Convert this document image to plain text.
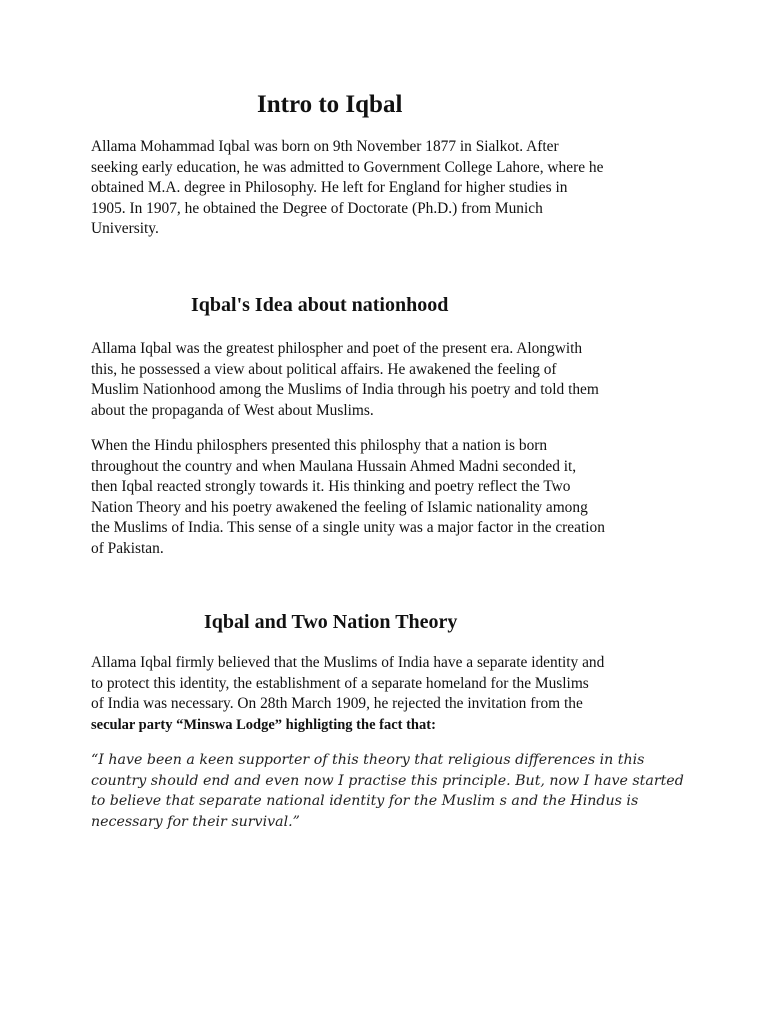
Intro to Iqbal

Allama Mohammad Iqbal was born on 9th November 1877 in Sialkot. After
seeking early education, he was admitted to Government College Lahore, where he
obtained M.A. degree in Philosophy. He left for England for higher studies in
1905. In 1907, he obtained the Degree of Doctorate (Ph.D.) from Munich
University.

Iqbal's Idea about nationhood

Allama Iqbal was the greatest philospher and poet of the present era. Alongwith
this, he possessed a view about political affairs. He awakened the feeling of
Muslim Nationhood among the Muslims of India through his poetry and told them
about the propaganda of West about Muslims.

When the Hindu philosphers presented this philosphy that a nation is born
throughout the country and when Maulana Hussain Ahmed Madni seconded it,
then Iqbal reacted strongly towards it. His thinking and poetry reflect the Two
Nation Theory and his poetry awakened the feeling of Islamic nationality among
the Muslims of India. This sense of a single unity was a major factor in the creation
of Pakistan.

Iqbal and Two Nation Theory

Allama Iqbal firmly believed that the Muslims of India have a separate identity and
to protect this identity, the establishment of a separate homeland for the Muslims
of India was necessary. On 28th March 1909, he rejected the invitation from the
secular party “Minswa Lodge” highligting the fact that:

“I have been a keen supporter of this theory that religious differences in this
country should end and even now I practise this principle. But, now I have started
to believe that separate national identity for the Muslim s and the Hindus is
necessary for their survival.”
